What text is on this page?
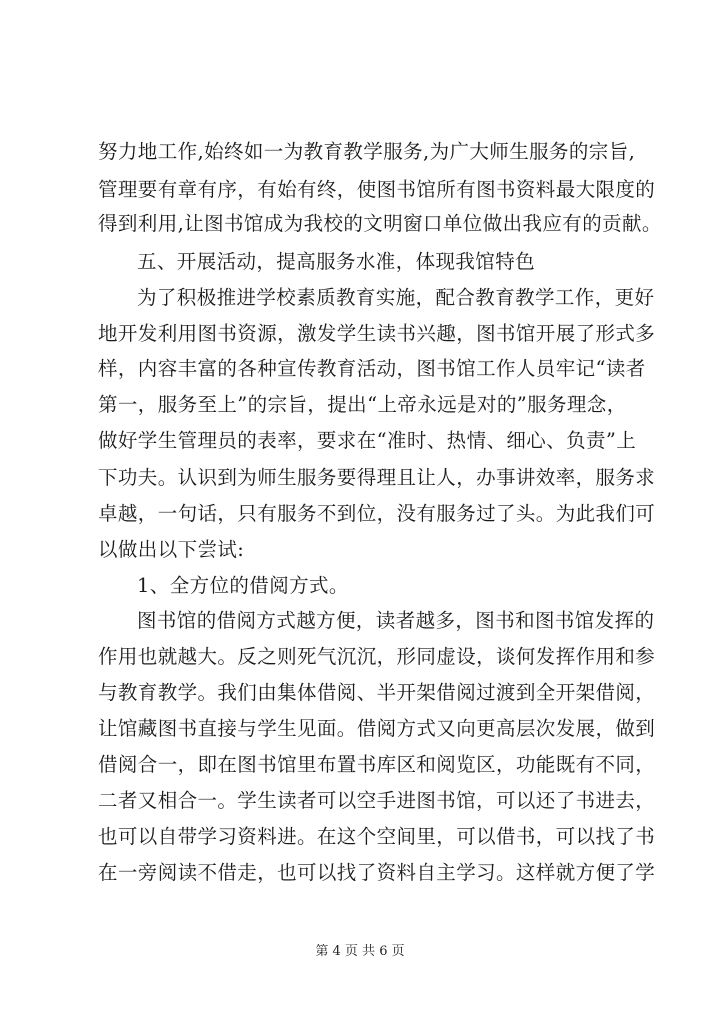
努力地工作,始终如一为教育教学服务,为广大师生服务的宗旨,
管理要有章有序，有始有终，使图书馆所有图书资料最大限度的
得到利用,让图书馆成为我校的文明窗口单位做出我应有的贡献。
五、开展活动，提高服务水准，体现我馆特色
为了积极推进学校素质教育实施，配合教育教学工作，更好
地开发利用图书资源，激发学生读书兴趣，图书馆开展了形式多
样，内容丰富的各种宣传教育活动，图书馆工作人员牢记“读者
第一，服务至上”的宗旨，提出“上帝永远是对的”服务理念，
做好学生管理员的表率，要求在“准时、热情、细心、负责”上
下功夫。认识到为师生服务要得理且让人，办事讲效率，服务求
卓越，一句话，只有服务不到位，没有服务过了头。为此我们可
以做出以下尝试:
1、全方位的借阅方式。
图书馆的借阅方式越方便，读者越多，图书和图书馆发挥的
作用也就越大。反之则死气沉沉，形同虚设，谈何发挥作用和参
与教育教学。我们由集体借阅、半开架借阅过渡到全开架借阅，
让馆藏图书直接与学生见面。借阅方式又向更高层次发展，做到
借阅合一，即在图书馆里布置书库区和阅览区，功能既有不同，
二者又相合一。学生读者可以空手进图书馆，可以还了书进去，
也可以自带学习资料进。在这个空间里，可以借书，可以找了书
在一旁阅读不借走，也可以找了资料自主学习。这样就方便了学
第 4 页 共 6 页
